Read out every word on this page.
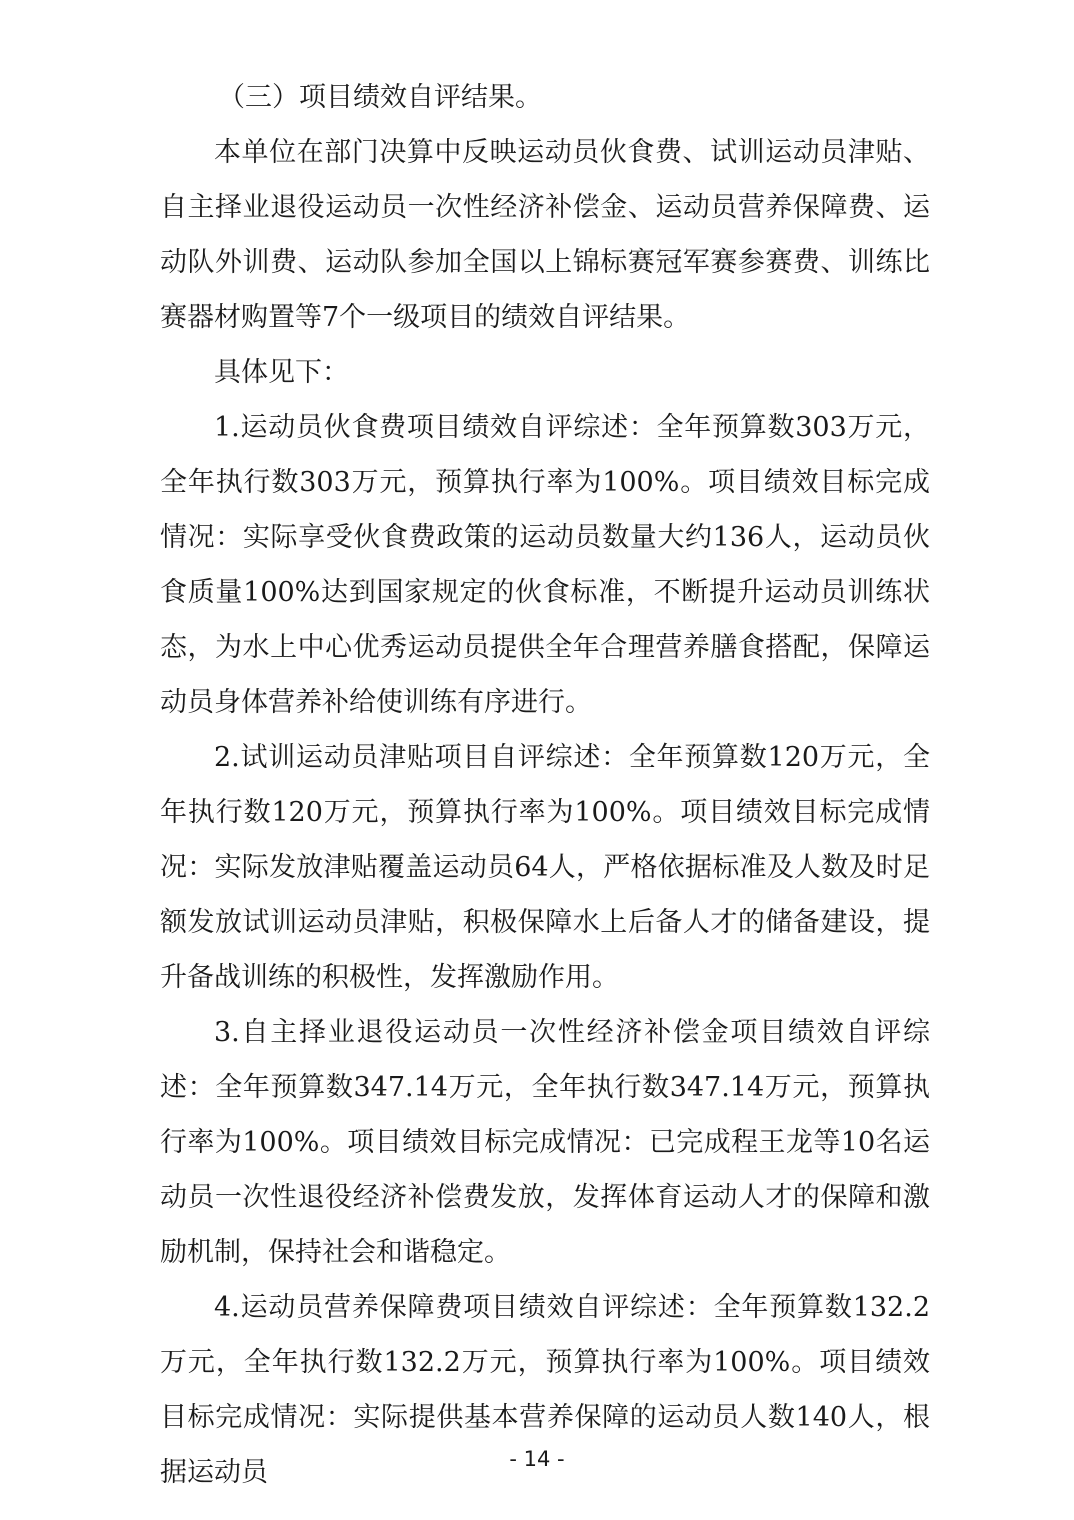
（三）项目绩效自评结果。

本单位在部门决算中反映运动员伙食费、试训运动员津贴、自主择业退役运动员一次性经济补偿金、运动员营养保障费、运动队外训费、运动队参加全国以上锦标赛冠军赛参赛费、训练比赛器材购置等7个一级项目的绩效自评结果。

具体见下：

1.运动员伙食费项目绩效自评综述：全年预算数303万元，全年执行数303万元，预算执行率为100%。项目绩效目标完成情况：实际享受伙食费政策的运动员数量大约136人，运动员伙食质量100%达到国家规定的伙食标准，不断提升运动员训练状态，为水上中心优秀运动员提供全年合理营养膳食搭配，保障运动员身体营养补给使训练有序进行。

2.试训运动员津贴项目自评综述：全年预算数120万元，全年执行数120万元，预算执行率为100%。项目绩效目标完成情况：实际发放津贴覆盖运动员64人，严格依据标准及人数及时足额发放试训运动员津贴，积极保障水上后备人才的储备建设，提升备战训练的积极性，发挥激励作用。

3.自主择业退役运动员一次性经济补偿金项目绩效自评综述：全年预算数347.14万元，全年执行数347.14万元，预算执行率为100%。项目绩效目标完成情况：已完成程王龙等10名运动员一次性退役经济补偿费发放，发挥体育运动人才的保障和激励机制，保持社会和谐稳定。

4.运动员营养保障费项目绩效自评综述：全年预算数132.2万元，全年执行数132.2万元，预算执行率为100%。项目绩效目标完成情况：实际提供基本营养保障的运动员人数140人，根据运动员	- 14 -
